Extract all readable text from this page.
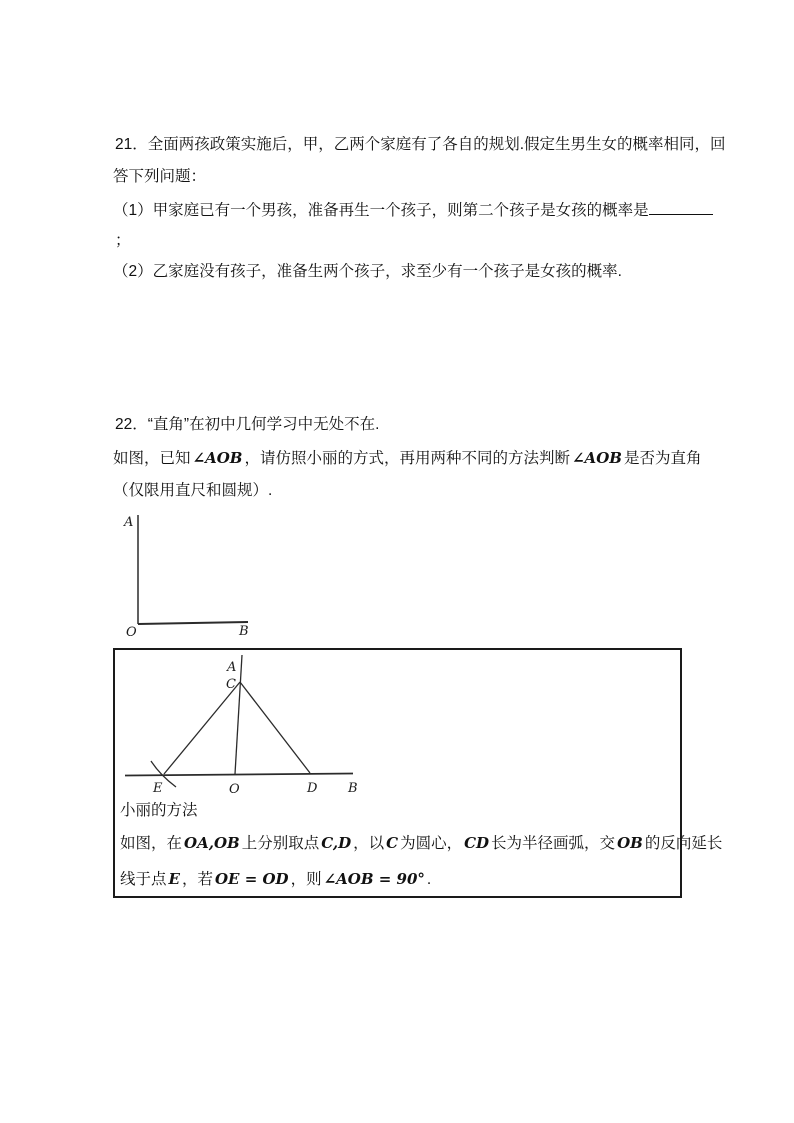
21．全面两孩政策实施后，甲，乙两个家庭有了各自的规划.假定生男生女的概率相同，回
答下列问题：
（1）甲家庭已有一个男孩，准备再生一个孩子，则第二个孩子是女孩的概率是
；
（2）乙家庭没有孩子，准备生两个孩子，求至少有一个孩子是女孩的概率.
22．“直角”在初中几何学习中无处不在.
如图，已知 ∠AOB ，请仿照小丽的方式，再用两种不同的方法判断 ∠AOB 是否为直角
（仅限用直尺和圆规）.
A
O	B
A
C
E	O	D B
小丽的方法
如图，在 OA,OB 上分别取点 C,D ，以 C 为圆心， CD 长为半径画弧，交 OB 的反向延长
线于点 E ，若 OE = OD ，则 ∠AOB = 90° .
